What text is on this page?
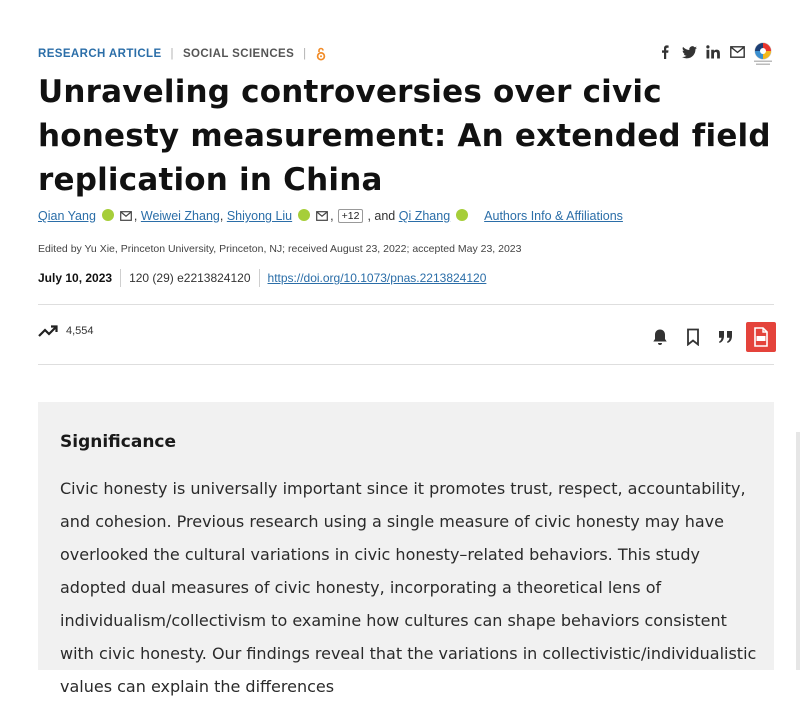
RESEARCH ARTICLE | SOCIAL SCIENCES |
Unraveling controversies over civic honesty measurement: An extended field replication in China
Qian Yang	, Weiwei Zhang , Shiyong Liu	, +12 , and
Qi Zhang	Authors Info & Affiliations
Edited by Yu Xie, Princeton University, Princeton, NJ; received August 23, 2022; accepted May 23, 2023
July 10, 2023 120 (29) e2213824120 https://doi.org/10.1073/pnas.2213824120
4,554
Significance

Civic honesty is universally important since it promotes trust, respect, accountability, and cohesion. Previous research using a single measure of civic honesty may have overlooked the cultural variations in civic honesty–related behaviors. This study adopted dual measures of civic honesty, incorporating a theoretical lens of individualism/collectivism to examine how cultures can shape behaviors consistent with civic honesty. Our findings reveal that the variations in collectivistic/individualistic values can explain the differences
